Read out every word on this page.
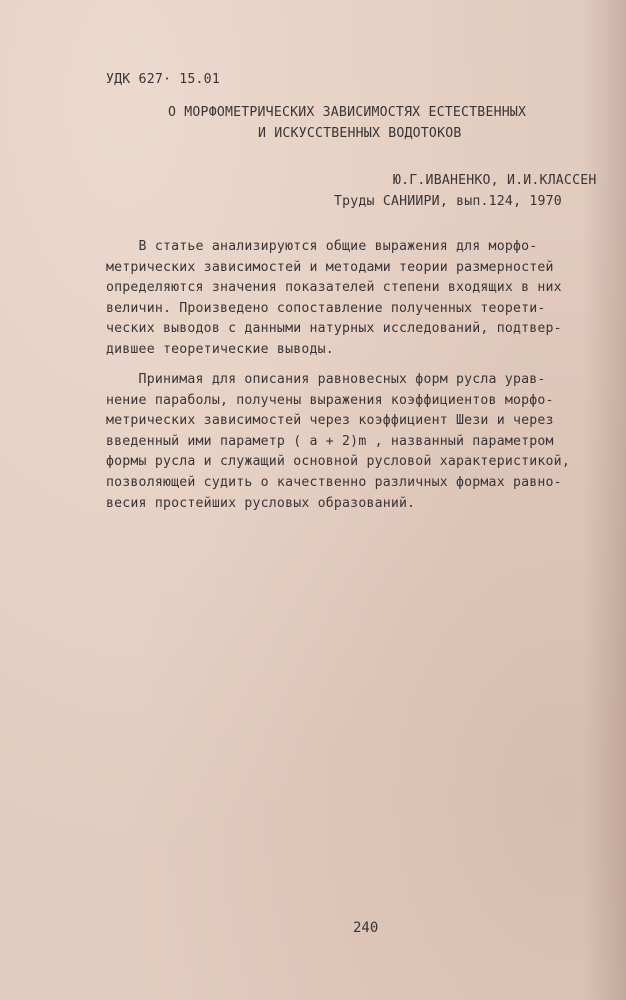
УДК 627· 15.01
О МОРФОМЕТРИЧЕСКИХ ЗАВИСИМОСТЯХ ЕСТЕСТВЕННЫХ
И ИСКУССТВЕННЫХ ВОДОТОКОВ
Ю.Г.ИВАНЕНКО, И.И.КЛАССЕН
Труды САНИИРИ, вып.124, 1970
В статье анализируются общие выражения для морфо-
метрических зависимостей и методами теории размерностей
определяются значения показателей степени входящих в них
величин. Произведено сопоставление полученных теорети-
ческих выводов с данными натурных исследований, подтвер-
дившее теоретические выводы.
Принимая для описания равновесных форм русла урав-
нение параболы, получены выражения коэффициентов морфо-
метрических зависимостей через коэффициент Шези и через
введенный ими параметр ( a + 2)m , названный параметром
формы русла и служащий основной русловой характеристикой,
позволяющей судить о качественно различных формах равно-
весия простейших русловых образований.
240
